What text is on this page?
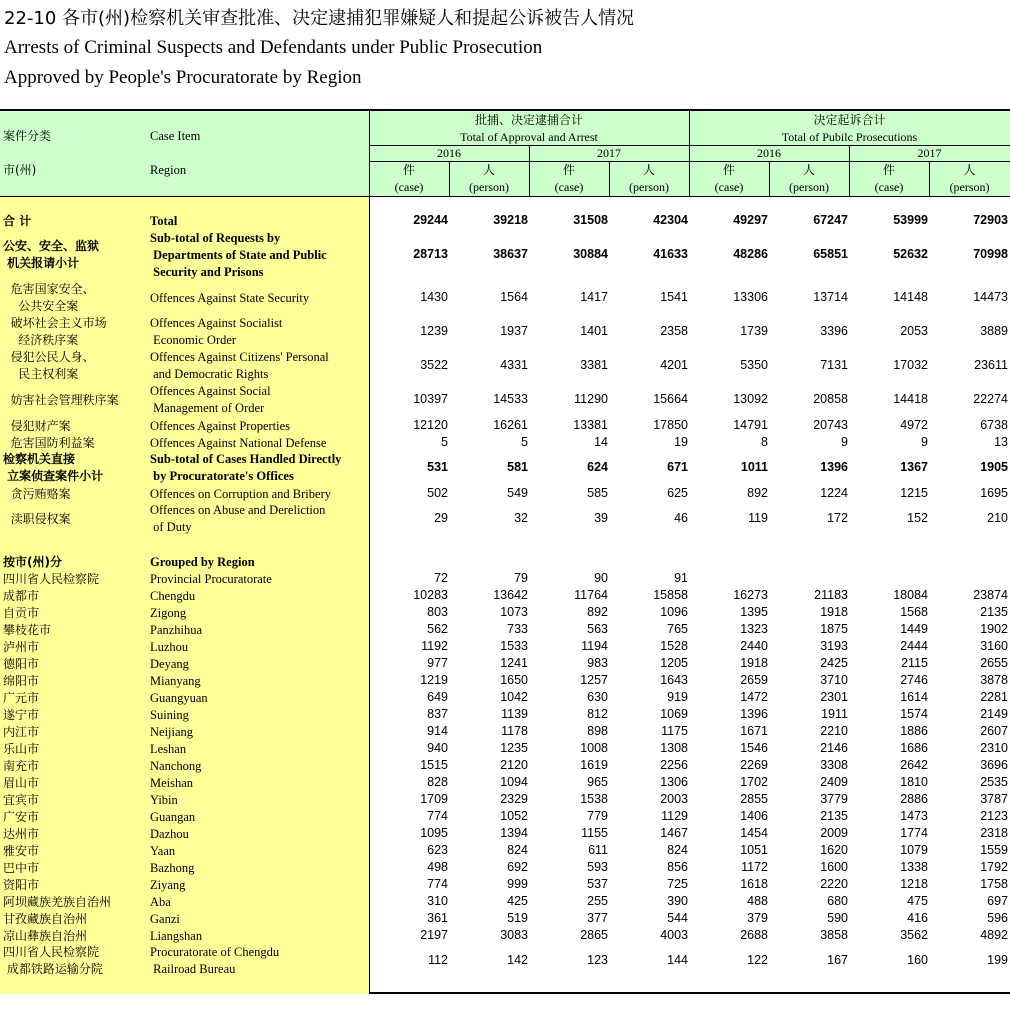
22-10 各市(州)检察机关审查批准、决定逮捕犯罪嫌疑人和提起公诉被告人情况
Arrests of Criminal Suspects and Defendants under Public Prosecution
Approved by People's Procuratorate by Region
案件分类	Case Item
市(州)	Region
批捕、决定逮捕合计
Total of Approval and Arrest
决定起诉合计
Total of Pubilc Prosecutions
2016	2017	2016	2017
件
(case)
人
(person)
件
(case)
人
(person)
件
(case)
人
(person)
件
(case)
人
(person)
合 计	Total	29244	39218	31508	42304	49297	67247	53999	72903
公安、安全、监狱
机关报请小计
Sub-total of Requests by
Departments of State and Public
Security and Prisons
28713	38637	30884	41633	48286	65851	52632	70998
危害国家安全、
公共安全案
Offences Against State Security	1430	1564	1417	1541	13306	13714	14148	14473
破坏社会主义市场
经济秩序案
Offences Against Socialist
Economic Order
1239	1937	1401	2358	1739	3396	2053	3889
侵犯公民人身、
民主权利案
Offences Against Citizens' Personal
and Democratic Rights
3522	4331	3381	4201	5350	7131	17032	23611
妨害社会管理秩序案
Offences Against Social
Management of Order
10397	14533	11290	15664	13092	20858	14418	22274
侵犯财产案	Offences Against Properties	12120	16261	13381	17850	14791	20743	4972	6738
危害国防利益案	Offences Against National Defense	5	5	14	19	8	9	9	13
检察机关直接
立案侦查案件小计
Sub-total of Cases Handled Directly
by Procuratorate's Offices
531	581	624	671	1011	1396	1367	1905
贪污贿赂案	Offences on Corruption and Bribery	502	549	585	625	892	1224	1215	1695
渎职侵权案
Offences on Abuse and Dereliction
of Duty
29	32	39	46	119	172	152	210
按市(州)分	Grouped by Region
四川省人民检察院	Provincial Procuratorate	72	79	90	91
成都市	Chengdu	10283	13642	11764	15858	16273	21183	18084	23874
自贡市	Zigong	803	1073	892	1096	1395	1918	1568	2135
攀枝花市	Panzhihua	562	733	563	765	1323	1875	1449	1902
泸州市	Luzhou	1192	1533	1194	1528	2440	3193	2444	3160
德阳市	Deyang	977	1241	983	1205	1918	2425	2115	2655
绵阳市	Mianyang	1219	1650	1257	1643	2659	3710	2746	3878
广元市	Guangyuan	649	1042	630	919	1472	2301	1614	2281
遂宁市	Suining	837	1139	812	1069	1396	1911	1574	2149
内江市	Neijiang	914	1178	898	1175	1671	2210	1886	2607
乐山市	Leshan	940	1235	1008	1308	1546	2146	1686	2310
南充市	Nanchong	1515	2120	1619	2256	2269	3308	2642	3696
眉山市	Meishan	828	1094	965	1306	1702	2409	1810	2535
宜宾市	Yibin	1709	2329	1538	2003	2855	3779	2886	3787
广安市	Guangan	774	1052	779	1129	1406	2135	1473	2123
达州市	Dazhou	1095	1394	1155	1467	1454	2009	1774	2318
雅安市	Yaan	623	824	611	824	1051	1620	1079	1559
巴中市	Bazhong	498	692	593	856	1172	1600	1338	1792
资阳市	Ziyang	774	999	537	725	1618	2220	1218	1758
阿坝藏族羌族自治州	Aba	310	425	255	390	488	680	475	697
甘孜藏族自治州	Ganzi	361	519	377	544	379	590	416	596
凉山彝族自治州	Liangshan	2197	3083	2865	4003	2688	3858	3562	4892
四川省人民检察院
成都铁路运输分院
Procuratorate of Chengdu
Railroad Bureau
112	142	123	144	122	167	160	199
